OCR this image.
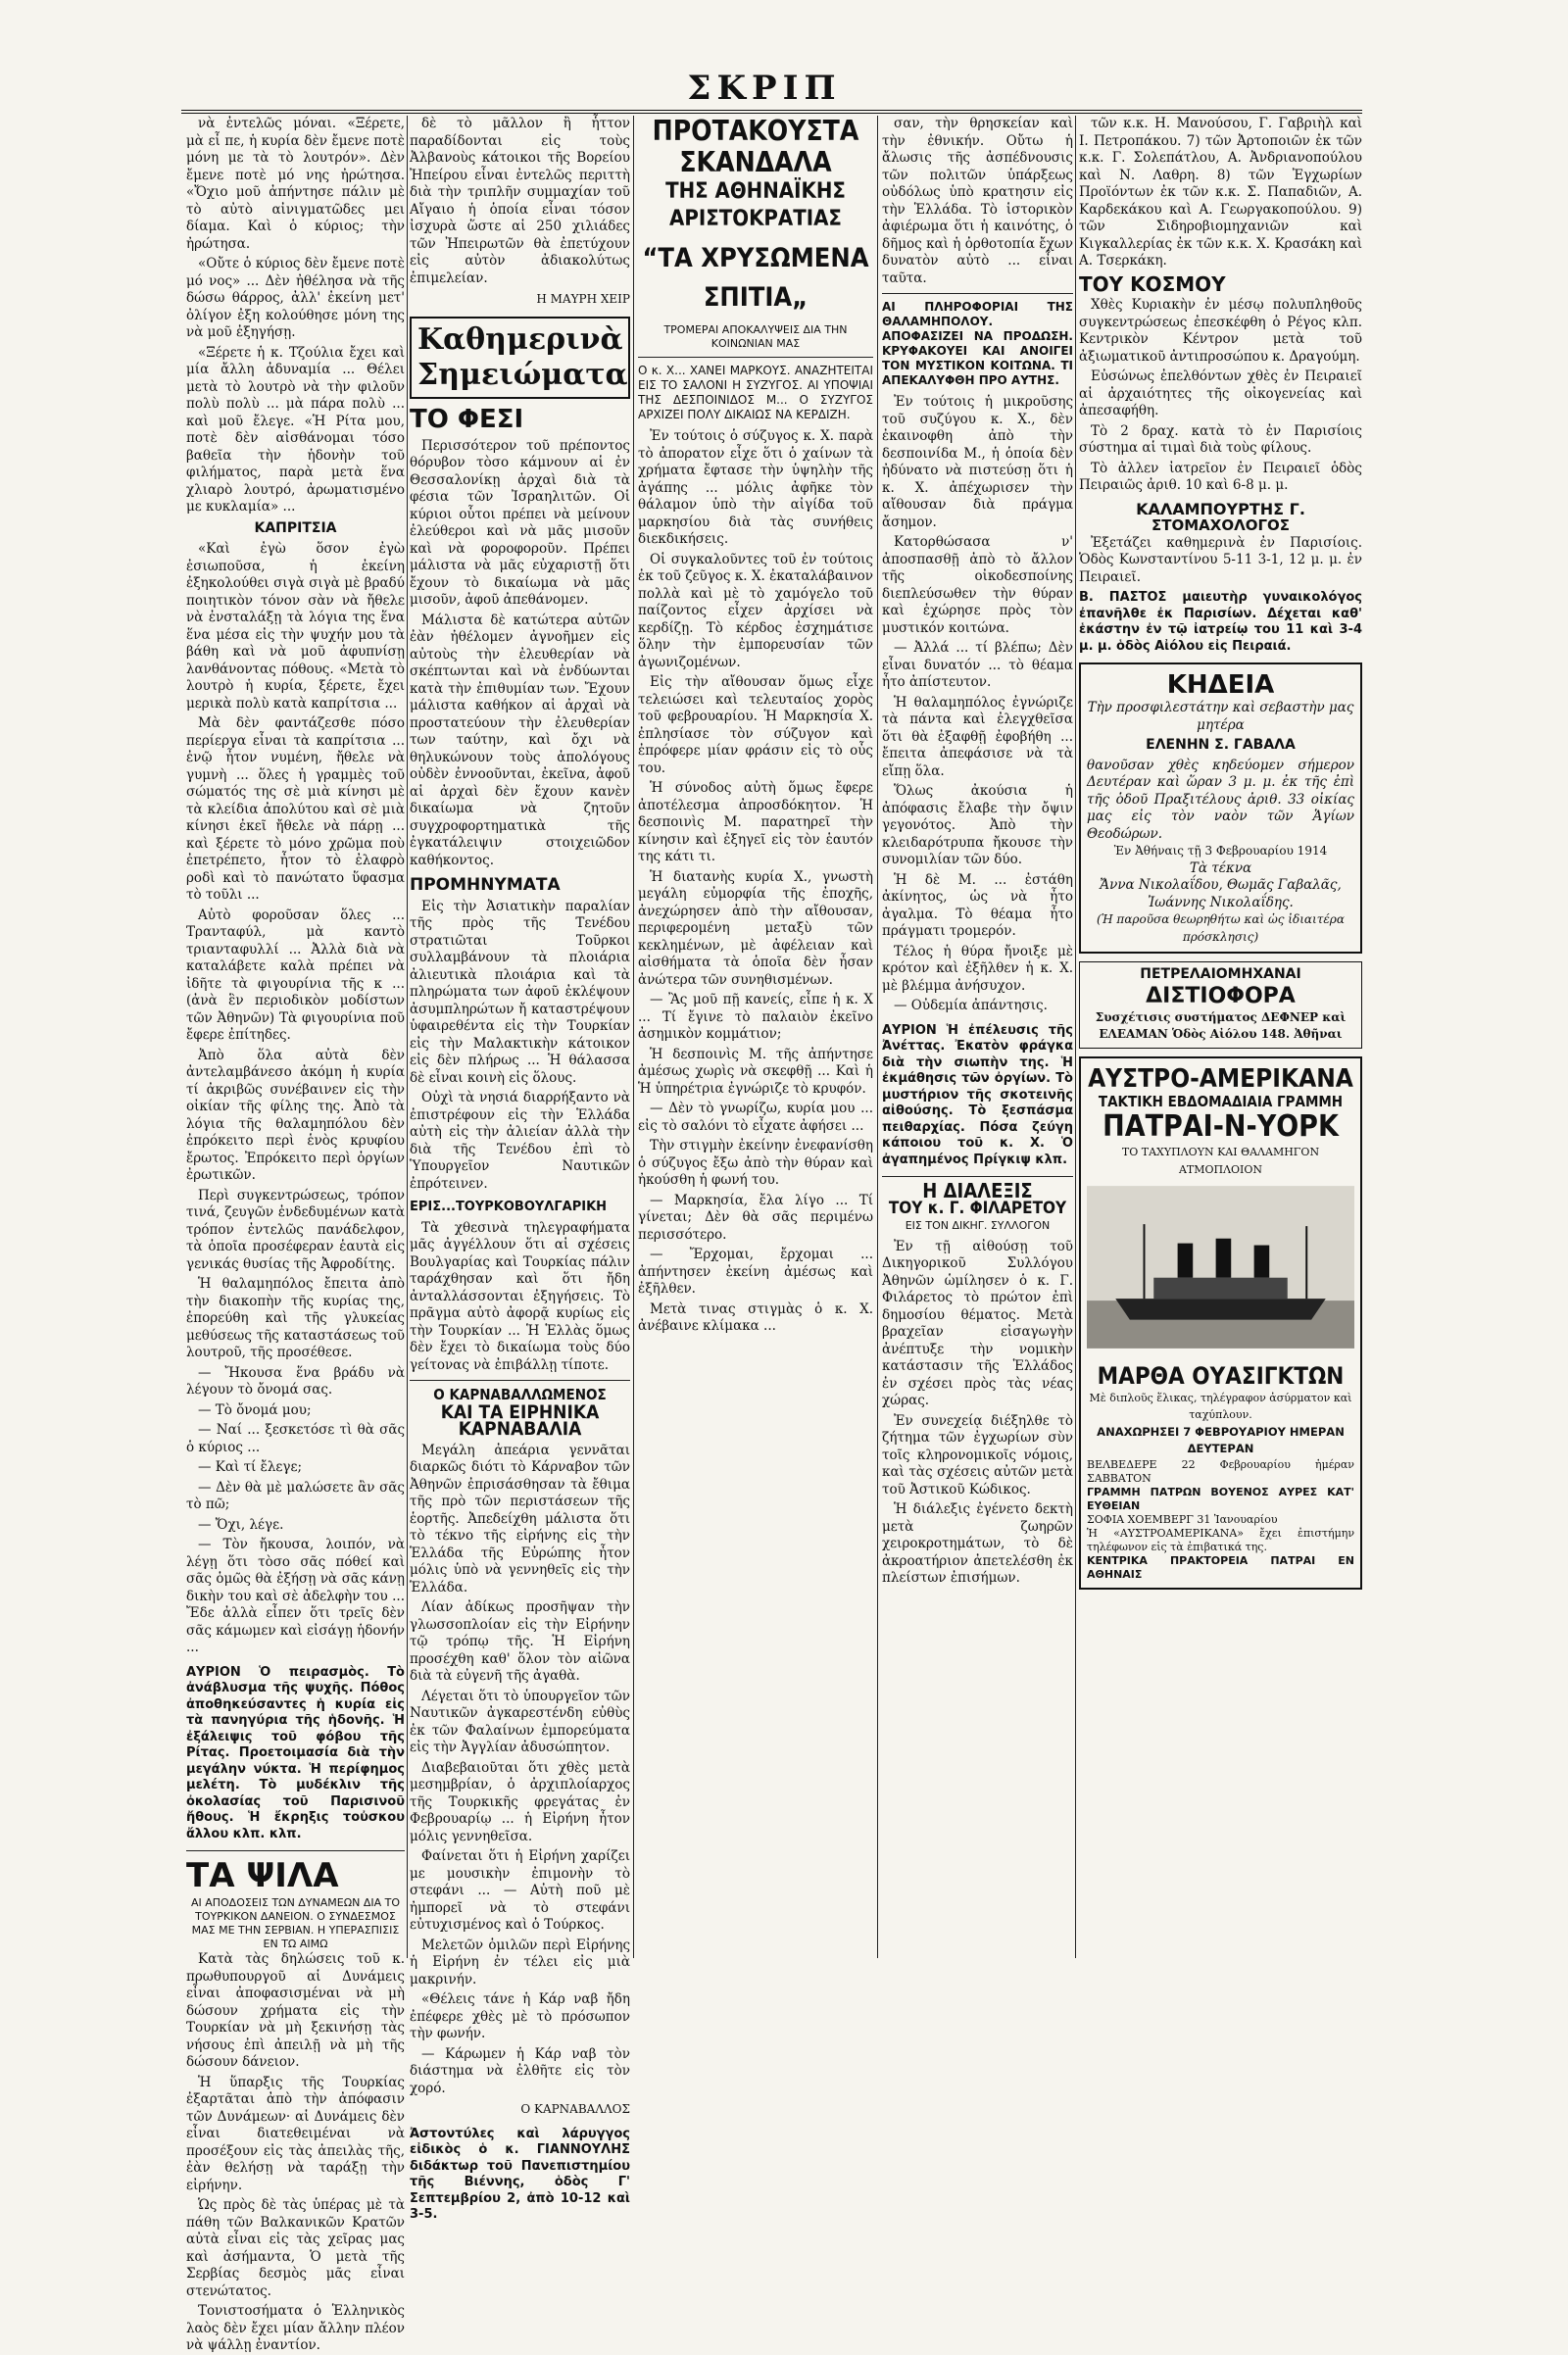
ΣΚΡΙΠ

νὰ ἐντελῶς μόναι. «Ξέρετε, μὰ εἶ πε, ἡ κυρία δὲν ἔμενε ποτὲ μόνη με τὰ τὸ λουτρόν». Δὲν ἔμενε ποτὲ μό νης ἠρώτησα. «Ὄχιο μοῦ ἀπήντησε πάλιν μὲ τὸ αὐτὸ αἰνιγματῶδες μει δίαμα. Καὶ ὁ κύριος; τὴν ἠρώτησα.

«Οὔτε ὁ κύριος δὲν ἔμενε ποτὲ μό νος» ... Δὲν ἠθέλησα νὰ τῆς δώσω θάρρος, ἀλλ' ἐκείνη μετ' ὀλίγον ἐξη κολούθησε μόνη της νὰ μοῦ ἐξηγήσῃ.

«Ξέρετε ἡ κ. Τζούλια ἔχει καὶ μία ἄλλη ἀδυναμία ... Θέλει μετὰ τὸ λουτρὸ νὰ τὴν φιλοῦν πολὺ πολὺ ... μὰ πάρα πολὺ ... καὶ μοῦ ἔλεγε. «Ἡ Ρίτα μου, ποτὲ δὲν αἰσθάνομαι τόσο βαθεῖα τὴν ἡδονὴν τοῦ φιλήματος, παρὰ μετὰ ἕνα χλιαρὸ λουτρό, ἀρωματισμένο με κυκλαμία» ...

ΚΑΠΡΙΤΣΙΑ

«Καὶ ἐγὼ ὅσον ἐγὼ ἐσιωποῦσα, ἡ ἐκείνη ἐξηκολούθει σιγὰ σιγὰ μὲ βραδύ ποιητικὸν τόνον σὰν νὰ ἤθελε νὰ ἐνσταλάξῃ τὰ λόγια της ἕνα ἕνα μέσα εἰς τὴν ψυχήν μου τὰ βάθη καὶ νὰ μοῦ ἀφυπνίσῃ λανθάνοντας πόθους. «Μετὰ τὸ λουτρὸ ἡ κυρία, ξέρετε, ἔχει μερικὰ πολὺ κατὰ καπρίτσια ...

Μὰ δὲν φαντάζεσθε πόσο περίεργα εἶναι τὰ καπρίτσια ... ἐνῷ ἦτον νυμένη, ἤθελε νὰ γυμνὴ ... ὅλες ἡ γραμμὲς τοῦ σώματός της σὲ μιὰ κίνησι μὲ τὰ κλείδια ἀπολύτου καὶ σὲ μιὰ κίνησι ἐκεῖ ἤθελε νὰ πάρῃ ... καὶ ξέρετε τὸ μόνο χρῶμα ποὺ ἐπετρέπετο, ἦτον τὸ ἐλαφρὸ ροδὶ καὶ τὸ πανώτατο ὕφασμα τὸ τοῦλι ...

Αὐτὸ φοροῦσαν ὅλες ... Τρανταφύλ, μὰ καντὸ τριανταφυλλί ... Ἀλλὰ διὰ νὰ καταλάβετε καλὰ πρέπει νὰ ἰδῆτε τὰ φιγουρίνια τῆς κ ... (ἀνὰ ἓν περιοδικὸν μοδίστων τῶν Ἀθηνῶν) Τὰ φιγουρίνια ποῦ ἔφερε ἐπίτηδες.

Ἀπὸ ὅλα αὐτὰ δὲν ἀντελαμβάνεσο ἀκόμη ἡ κυρία τί ἀκριβῶς συνέβαινεν εἰς τὴν οἰκίαν τῆς φίλης της. Ἀπὸ τὰ λόγια τῆς θαλαμηπόλου δὲν ἐπρόκειτο περὶ ἑνὸς κρυφίου ἔρωτος. Ἐπρόκειτο περὶ ὀργίων ἐρωτικῶν.

Περὶ συγκεντρώσεως, τρόπον τινά, ζευγῶν ἐνδεδυμένων κατὰ τρόπον ἐντελῶς πανάδελφον, τὰ ὁποῖα προσέφεραν ἑαυτὰ εἰς γενικάς θυσίας τῆς Ἀφροδίτης.

Ἡ θαλαμηπόλος ἔπειτα ἀπὸ τὴν διακοπὴν τῆς κυρίας της, ἐπορεύθη καὶ τῆς γλυκείας μεθύσεως τῆς καταστάσεως τοῦ λουτροῦ, τῆς προσέθεσε.

— Ἤκουσα ἕνα βράδυ νὰ λέγουν τὸ ὄνομά σας.

— Τὸ ὄνομά μου;

— Ναί ... ξεσκετόσε τὶ θὰ σᾶς ὁ κύριος ...

— Καὶ τί ἔλεγε;

— Δὲν θὰ μὲ μαλώσετε ἂν σᾶς τὸ πῶ;

— Ὄχι, λέγε.

— Τὸν ἤκουσα, λοιπόν, νὰ λέγῃ ὅτι τὸσο σᾶς πόθεί καὶ σᾶς ὁμῶς θὰ ἐξήσῃ νὰ σᾶς κάνῃ δικὴν του καὶ σὲ ἀδελφὴν του ... Ἔδε ἀλλὰ εἶπεν ὅτι τρεῖς δὲν σᾶς κάμωμεν καὶ εἰσάγῃ ἡδονήν ...

ΑΥΡΙΟΝ Ὁ πειρασμὸς. Τὸ ἀνάβλυσμα τῆς ψυχῆς. Πόθος ἀποθηκεύσαντες ἡ κυρία εἰς τὰ πανηγύρια τῆς ἡδονῆς. Ἡ ἐξάλειψις τοῦ φόβου τῆς Ρίτας. Προετοιμασία διὰ τὴν μεγάλην νύκτα. Ἡ περίφημος μελέτη. Τὸ μυδέκλιν τῆς ὀκολασίας τοῦ Παρισινοῦ ἤθους. Ἡ ἔκρηξις τοὐσκου ἄλλου κλπ. κλπ.
ΤΑ ΨΙΛΑ
ΑΙ ΑΠΟΔΟΣΕΙΣ ΤΩΝ ΔΥΝΑΜΕΩΝ ΔΙΑ ΤΟ ΤΟΥΡΚΙΚΟΝ ΔΑΝΕΙΟΝ. Ο ΣΥΝΔΕΣΜΟΣ ΜΑΣ ΜΕ ΤΗΝ ΣΕΡΒΙΑΝ. Η ΥΠΕΡΑΣΠΙΣΙΣ ΕΝ ΤΩ ΑΙΜΩ

Κατὰ τὰς δηλώσεις τοῦ κ. πρωθυπουργοῦ αἱ Δυνάμεις εἶναι ἀποφασισμέναι νὰ μὴ δώσουν χρήματα εἰς τὴν Τουρκίαν νὰ μὴ ξεκινήσῃ τὰς νήσους ἐπὶ ἀπειλῇ νὰ μὴ τῆς δώσουν δάνειον.

Ἡ ὕπαρξις τῆς Τουρκίας ἐξαρτᾶται ἀπὸ τὴν ἀπόφασιν τῶν Δυνάμεων· αἱ Δυνάμεις δὲν εἶναι διατεθειμέναι νὰ προσέξουν εἰς τὰς ἀπειλὰς τῆς, ἐὰν θελήσῃ νὰ ταράξῃ τὴν εἰρήνην.

Ὡς πρὸς δὲ τὰς ὑπέρας μὲ τὰ πάθη τῶν Βαλκανικῶν Κρατῶν αὐτὰ εἶναι εἰς τὰς χεῖρας μας καὶ ἀσήμαντα, Ὁ μετὰ τῆς Σερβίας δεσμὸς μᾶς εἶναι στενώτατος.

Τονιστοσήματα ὁ Ἑλληνικὸς λαὸς δὲν ἔχει μίαν ἄλλην πλέον νὰ ψάλλῃ ἐναντίον.

δὲ τὸ μᾶλλον ἢ ἧττον παραδίδονται εἰς τοὺς Ἀλβανοὺς κάτοικοι τῆς Βορείου Ἠπείρου εἶναι ἐντελῶς περιττὴ διὰ τὴν τριπλῆν συμμαχίαν τοῦ Αἴγαιο ἡ ὁποία εἶναι τόσον ἰσχυρὰ ὥστε αἱ 250 χιλιάδες τῶν Ἠπειρωτῶν θὰ ἐπετύχουν εἰς αὐτὸν ἀδιακολύτως ἐπιμελείαν.

Η ΜΑΥΡΗ ΧΕΙΡ
Καθημερινὰ Σημειώματα
ΤΟ ΦΕΣΙ

Περισσότερον τοῦ πρέποντος θόρυβον τὸσο κάμνουν αἱ ἐν Θεσσαλονίκῃ ἀρχαὶ διὰ τὰ φέσια τῶν Ἰσραηλιτῶν. Οἱ κύριοι οὗτοι πρέπει νὰ μείνουν ἐλεύθεροι καὶ νὰ μᾶς μισοῦν καὶ νὰ φοροφοροῦν. Πρέπει μάλιστα νὰ μᾶς εὐχαριστῇ ὅτι ἔχουν τὸ δικαίωμα νὰ μᾶς μισοῦν, ἀφοῦ ἀπεθάνομεν.

Μάλιστα δὲ κατώτερα αὐτῶν ἐὰν ἠθέλομεν ἀγνοῆμεν εἰς αὐτοὺς τὴν ἐλευθερίαν νὰ σκέπτωνται καὶ νὰ ἐνδύωνται κατὰ τὴν ἐπιθυμίαν των. Ἔχουν μάλιστα καθήκον αἱ ἀρχαὶ νὰ προστατεύουν τὴν ἐλευθερίαν των ταύτην, καὶ ὄχι νὰ θηλυκώνουν τοὺς ἀπολόγους οὐδὲν ἐννοοῦνται, ἐκεῖνα, ἀφοῦ αἱ ἀρχαὶ δὲν ἔχουν κανὲν δικαίωμα νὰ ζητοῦν συγχροφορτηματικὰ τῆς ἐγκατάλειψιν στοιχειῶδον καθήκοντος.

ΠΡΟΜΗΝΥΜΑΤΑ

Εἰς τὴν Ἀσιατικὴν παραλίαν τῆς πρὸς τῆς Τενέδου στρατιῶται Τοῦρκοι συλλαμβάνουν τὰ πλοιάρια ἀλιευτικὰ πλοιάρια καὶ τὰ πληρώματα των ἀφοῦ ἐκλέψουν ἀσυμπληρώτων ἤ καταστρέψουν ὑφαιρεθέντα εἰς τὴν Τουρκίαν εἰς τὴν Μαλακτικὴν κάτοικον εἰς δὲν πλήρως ... Ἡ θάλασσα δὲ εἶναι κοινὴ εἰς ὅλους.

Οὐχὶ τὰ νησιά διαρρήξαντο νὰ ἐπιστρέφουν εἰς τὴν Ἑλλάδα αὐτὴ εἰς τὴν ἀλιείαν ἀλλὰ τὴν διὰ τῆς Τενέδου ἐπὶ τὸ Ὑπουργεῖον Ναυτικῶν ἐπρότεινεν.

ΕΡΙΣ...ΤΟΥΡΚΟΒΟΥΛΓΑΡΙΚΗ

Τὰ χθεσινὰ τηλεγραφήματα μᾶς ἀγγέλλουν ὅτι αἱ σχέσεις Βουλγαρίας καὶ Τουρκίας πάλιν ταράχθησαν καὶ ὅτι ἤδη ἀνταλλάσσονται ἐξηγήσεις. Τὸ πρᾶγμα αὐτὸ ἀφορᾷ κυρίως εἰς τὴν Τουρκίαν ... Ἡ Ἑλλὰς ὅμως δὲν ἔχει τὸ δικαίωμα τοὺς δύο γείτονας νὰ ἐπιβάλλῃ τίποτε.

Ο ΚΑΡΝΑΒΑΛΛΩΜΕΝΟΣ
ΚΑΙ ΤΑ ΕΙΡΗΝΙΚΑ
ΚΑΡΝΑΒΑΛΙΑ

Μεγάλη ἀπεάρια γεννᾶται διαρκῶς διότι τὸ Κάρναβον τῶν Ἀθηνῶν ἐπρισάσθησαν τὰ ἔθιμα τῆς πρὸ τῶν περιστάσεων τῆς ἑορτῆς. Ἀπεδείχθη μάλιστα ὅτι τὸ τέκνο τῆς εἰρήνης εἰς τὴν Ἑλλάδα τῆς Εὐρώπης ἦτον μόλις ὑπὸ νὰ γεννηθεῖς εἰς τὴν Ἑλλάδα.

Λίαν ἀδίκως προσῆψαν τὴν γλωσσοπλοίαν εἰς τὴν Εἰρήνην τῷ τρόπῳ τῆς. Ἡ Εἰρήνη προσέχθη καθ' ὅλον τὸν αἰῶνα διὰ τὰ εὐγενῆ τῆς ἀγαθὰ.

Λέγεται ὅτι τὸ ὑπουργεῖον τῶν Ναυτικῶν ἀγκαρεστένδη εὐθὺς ἐκ τῶν Φαλαίνων ἐμπορεύματα εἰς τὴν Ἀγγλίαν ἀδυσώπητον.

Διαβεβαιοῦται ὅτι χθὲς μετὰ μεσημβρίαν, ὁ ἀρχιπλοίαρχος τῆς Τουρκικῆς φρεγάτας ἐν Φεβρουαρίῳ ... ἡ Εἰρήνη ἦτον μόλις γεννηθεῖσα.

Φαίνεται ὅτι ἡ Εἰρήνη χαρίζει με μουσικὴν ἐπιμονὴν τὸ στεφάνι ... — Αὐτὴ ποῦ μὲ ἠμπορεῖ νὰ τὸ στεφάνι εὐτυχισμένος καὶ ὁ Τούρκος.

Μελετῶν ὁμιλῶν περὶ Εἰρήνης ἡ Εἰρήνη ἐν τέλει εἰς μιὰ μακρινήν.

«Θέλεις τάνε ἡ Κάρ ναβ ἤδη ἐπέφερε χθὲς μὲ τὸ πρόσωπον τὴν φωνήν.

— Κάρωμεν ἡ Κάρ ναβ τὸν διάστημα νὰ ἐλθῆτε εἰς τὸν χορό.

Ο ΚΑΡΝΑΒΑΛΛΟΣ
Ἀστοντύλες καὶ λάρυγγος εἰδικὸς ὁ κ. ΓΙΑΝΝΟΥΛΗΣ διδάκτωρ τοῦ Πανεπιστημίου τῆς Βιέννης, ὁδὸς Γ' Σεπτεμβρίου 2, ἀπὸ 10-12 καὶ 3-5.
ΠΡΟΤΑΚΟΥΣΤΑ ΣΚΑΝΔΑΛΑ
ΤΗΣ ΑΘΗΝΑΪΚΗΣ ΑΡΙΣΤΟΚΡΑΤΙΑΣ
“ΤΑ ΧΡΥΣΩΜΕΝΑ ΣΠΙΤΙΑ„
ΤΡΟΜΕΡΑΙ ΑΠΟΚΑΛΥΨΕΙΣ ΔΙΑ ΤΗΝ ΚΟΙΝΩΝΙΑΝ ΜΑΣ
Ο κ. Χ... ΧΑΝΕΙ ΜΑΡΚΟΥΣ. ΑΝΑΖΗΤΕΙΤΑΙ ΕΙΣ ΤΟ ΣΑΛΟΝΙ Η ΣΥΖΥΓΟΣ. ΑΙ ΥΠΟΨΙΑΙ ΤΗΣ ΔΕΣΠΟΙΝΙΔΟΣ Μ... Ο ΣΥΖΥΓΟΣ ΑΡΧΙΖΕΙ ΠΟΛΥ ΔΙΚΑΙΩΣ ΝΑ ΚΕΡΔΙΖΗ.

Ἐν τούτοις ὁ σύζυγος κ. Χ. παρὰ τὸ ἀπορατον εἶχε ὅτι ὁ χαίνων τὰ χρήματα ἔφτασε τὴν ὑψηλὴν τῆς ἀγάπης ... μόλις ἀφῆκε τὸν θάλαμον ὑπὸ τὴν αἰγίδα τοῦ μαρκησίου διὰ τὰς συνήθεις διεκδικήσεις.

Οἱ συγκαλοῦντες τοῦ ἐν τούτοις ἐκ τοῦ ζεῦγος κ. Χ. ἐκαταλάβαινον πολλὰ καὶ μὲ τὸ χαμόγελο τοῦ παίζοντος εἶχεν ἀρχίσει νὰ κερδίζῃ. Τὸ κέρδος ἐσχημάτισε ὅλην τὴν ἐμπορευσίαν τῶν ἀγωνιζομένων.

Εἰς τὴν αἴθουσαν ὅμως εἶχε τελειώσει καὶ τελευταίος χορὸς τοῦ φεβρουαρίου. Ἡ Μαρκησία Χ. ἐπλησίασε τὸν σύζυγον καὶ ἐπρόφερε μίαν φράσιν εἰς τὸ οὖς του.

Ἡ σύνοδος αὐτὴ ὅμως ἔφερε ἀποτέλεσμα ἀπροσδόκητον. Ἡ δεσποινὶς Μ. παρατηρεῖ τὴν κίνησιν καὶ ἐξηγεῖ εἰς τὸν ἑαυτόν της κάτι τι.

Ἡ διατανὴς κυρία Χ., γνωστὴ μεγάλη εὐμορφία τῆς ἐποχῆς, ἀνεχώρησεν ἀπὸ τὴν αἴθουσαν, περιφερομένη μεταξὺ τῶν κεκλημένων, μὲ ἀφέλειαν καὶ αἰσθήματα τὰ ὁποῖα δὲν ἦσαν ἀνώτερα τῶν συνηθισμένων.

— Ἂς μοῦ πῇ κανείς, εἶπε ἡ κ. Χ ... Τί ἔγινε τὸ παλαιὸν ἐκεῖνο ἀσημικὸν κομμάτιον;

Ἡ δεσποινὶς Μ. τῆς ἀπήντησε ἀμέσως χωρὶς νὰ σκεφθῇ ... Καὶ ἡ Ἡ ὑπηρέτρια ἐγνώριζε τὸ κρυφόν.

— Δὲν τὸ γνωρίζω, κυρία μου ... εἰς τὸ σαλόνι τὸ εἶχατε ἀφήσει ...

Τὴν στιγμὴν ἐκείνην ἐνεφανίσθη ὁ σύζυγος ἔξω ἀπὸ τὴν θύραν καὶ ἠκούσθη ἡ φωνή του.

— Μαρκησία, ἔλα λίγο ... Τί γίνεται; Δὲν θὰ σᾶς περιμένω περισσότερο.

— Ἔρχομαι, ἔρχομαι ... ἀπήντησεν ἐκείνη ἀμέσως καὶ ἐξῆλθεν.

Μετὰ τινας στιγμὰς ὁ κ. Χ. ἀνέβαινε κλίμακα ...

σαν, τὴν θρησκείαν καὶ τὴν ἐθνικήν. Οὔτω ἡ ἄλωσις τῆς ἀσπέδνουσις τῶν πολιτῶν ὑπάρξεως οὐδόλως ὑπὸ κρατησιν εἰς τὴν Ἑλλάδα. Τὸ ἱστορικὸν ἀφιέρωμα ὅτι ἡ καινότης, ὁ δῆμος καὶ ἡ ὀρθοτοπία ἔχων δυνατὸν αὐτὸ ... εἶναι ταῦτα.

ΑΙ ΠΛΗΡΟΦΟΡΙΑΙ ΤΗΣ ΘΑΛΑΜΗΠΟΛΟΥ. ΑΠΟΦΑΣΙΖΕΙ ΝΑ ΠΡΟΔΩΣΗ. ΚΡΥΦΑΚΟΥΕΙ ΚΑΙ ΑΝΟΙΓΕΙ ΤΟΝ ΜΥΣΤΙΚΟΝ ΚΟΙΤΩΝΑ. ΤΙ ΑΠΕΚΑΛΥΦΘΗ ΠΡΟ ΑΥΤΗΣ.

Ἐν τούτοις ἡ μικροῦσης τοῦ συζύγου κ. Χ., δὲν ἐκαινοφθη ἀπὸ τὴν δεσποινίδα Μ., ἡ ὁποία δὲν ἠδύνατο νὰ πιστεύσῃ ὅτι ἡ κ. Χ. ἀπέχωρισεν τὴν αἴθουσαν διὰ πράγμα ἄσημον.

Κατορθώσασα ν' ἀποσπασθῇ ἀπὸ τὸ ἄλλον τῆς οἰκοδεσποίνης διεπλεύσωθεν τὴν θύραν καὶ ἐχώρησε πρὸς τὸν μυστικόν κοιτώνα.

— Ἀλλά ... τί βλέπω; Δὲν εἶναι δυνατόν ... τὸ θέαμα ἦτο ἀπίστευτον.

Ἡ θαλαμηπόλος ἐγνώριζε τὰ πάντα καὶ ἐλεγχθεῖσα ὅτι θὰ ἐξαφθῇ ἐφοβήθη ... ἔπειτα ἀπεφάσισε νὰ τὰ εἴπῃ ὅλα.

Ὅλως ἀκούσια ἡ ἀπόφασις ἔλαβε τὴν ὄψιν γεγονότος. Ἀπὸ τὴν κλειδαρότρυπα ἤκουσε τὴν συνομιλίαν τῶν δύο.

Ἡ δὲ Μ. ... ἐστάθη ἀκίνητος, ὡς νὰ ἦτο ἀγαλμα. Τὸ θέαμα ἦτο πράγματι τρομερόν.

Τέλος ἡ θύρα ἤνοιξε μὲ κρότον καὶ ἐξῆλθεν ἡ κ. Χ. μὲ βλέμμα ἀνήσυχον.

— Οὐδεμία ἀπάντησις.

ΑΥΡΙΟΝ Ἡ ἐπέλευσις τῆς Ἀνέττας. Ἐκατὸν φράγκα διὰ τὴν σιωπὴν της. Ἡ ἐκμάθησις τῶν ὀργίων. Τὸ μυστήριον τῆς σκοτεινῆς αἰθούσης. Τὸ ξεσπάσμα πειθαρχίας. Πόσα ζεύγη κάποιου τοῦ κ. Χ. Ὁ ἀγαπημένος Πρίγκιψ κλπ.
Η ΔΙΑΛΕΞΙΣ
ΤΟΥ κ. Γ. ΦΙΛΑΡΕΤΟΥ
ΕΙΣ ΤΟΝ ΔΙΚΗΓ. ΣΥΛΛΟΓΟΝ

Ἐν τῇ αἰθούσῃ τοῦ Δικηγορικοῦ Συλλόγου Ἀθηνῶν ὡμίλησεν ὁ κ. Γ. Φιλάρετος τὸ πρώτον ἐπὶ δημοσίου θέματος. Μετὰ βραχεῖαν εἰσαγωγὴν ἀνέπτυξε τὴν νομικὴν κατάστασιν τῆς Ἑλλάδος ἐν σχέσει πρὸς τὰς νέας χώρας.

Ἐν συνεχείᾳ διέξηλθε τὸ ζήτημα τῶν ἐγχωρίων σὺν τοῖς κληρονομικοῖς νόμοις, καὶ τὰς σχέσεις αὐτῶν μετὰ τοῦ Ἀστικοῦ Κώδικος.

Ἡ διάλεξις ἐγένετο δεκτὴ μετὰ ζωηρῶν χειροκροτημάτων, τὸ δὲ ἀκροατήριον ἀπετελέσθη ἐκ πλείστων ἐπισήμων.

τῶν κ.κ. Η. Μανούσου, Γ. Γαβριὴλ καὶ Ι. Πετροπάκου. 7) τῶν Ἀρτοποιῶν ἐκ τῶν κ.κ. Γ. Σολεπάτλου, Α. Ἀνδριανοπούλου καὶ Ν. Λαθρη. 8) τῶν Ἐγχωρίων Προϊόντων ἐκ τῶν κ.κ. Σ. Παπαδιῶν, Α. Καρδεκάκου καὶ Α. Γεωργακοπούλου. 9) τῶν Σιδηροβιομηχανιῶν καὶ Κιγκαλλερίας ἐκ τῶν κ.κ. Χ. Κρασάκη καὶ Α. Τσερκάκη.

ΤΟΥ ΚΟΣΜΟΥ

Χθὲς Κυριακὴν ἐν μέσῳ πολυπληθοῦς συγκεντρώσεως ἐπεσκέφθη ὁ Ρέγος κλπ. Κεντρικὸν Κέντρον μετὰ τοῦ ἀξιωματικοῦ ἀντιπροσώπου κ. Δραγούμη.

Εὐσώνως ἐπελθόντων χθὲς ἐν Πειραιεῖ αἱ ἀρχαιότητες τῆς οἰκογενείας καὶ ἀπεσαφήθη.

Τὸ 2 δραχ. κατὰ τὸ ἐν Παρισίοις σύστημα αἱ τιμαὶ διὰ τοὺς φίλους.

Τὸ ἀλλεν ἰατρεῖον ἐν Πειραιεῖ ὁδὸς Πειραιῶς ἀριθ. 10 καὶ 6-8 μ. μ.

ΚΑΛΑΜΠΟΥΡΤΗΣ Γ.
ΣΤΟΜΑΧΟΛΟΓΟΣ

Ἐξετάζει καθημερινὰ ἐν Παρισίοις. Ὁδὸς Κωνσταντίνου 5-11 3-1, 12 μ. μ. ἐν Πειραιεῖ.

Β. ΠΑΣΤΟΣ μαιευτὴρ γυναικολόγος ἐπανῆλθε ἐκ Παρισίων. Δέχεται καθ' ἑκάστην ἐν τῷ ἰατρείῳ του 11 καὶ 3-4 μ. μ. ὁδὸς Αἰόλου εἰς Πειραιά.
ΚΗΔΕΙΑ
Τὴν προσφιλεστάτην καὶ σεβαστὴν μας μητέρα
ΕΛΕΝΗΝ Σ. ΓΑΒΑΛΑ
θανοῦσαν χθὲς κηδεύομεν σήμερον Δευτέραν καὶ ὥραν 3 μ. μ. ἐκ τῆς ἐπὶ τῆς ὁδοῦ Πραξιτέλους ἀριθ. 33 οἰκίας μας εἰς τὸν ναὸν τῶν Ἁγίων Θεοδώρων.
Ἐν Ἀθήναις τῇ 3 Φεβρουαρίου 1914
Τὰ τέκνα
Ἄννα Νικολαΐδου, Θωμᾶς Γαβαλᾶς, Ἰωάννης Νικολαΐδης.
(Ἡ παροῦσα θεωρηθήτω καὶ ὡς ἰδιαιτέρα πρόσκλησις)
ΠΕΤΡΕΛΑΙΟΜΗΧΑΝΑΙ
ΔΙΣΤΙΟΦΟΡΑ
Συσχέτισις συστήματος ΔΕΦΝΕΡ καὶ ΕΛΕΑΜΑΝ Ὁδὸς Αἰόλου 148. Ἀθῆναι
ΑΥΣΤΡΟ-ΑΜΕΡΙΚΑΝΑ
ΤΑΚΤΙΚΗ ΕΒΔΟΜΑΔΙΑΙΑ ΓΡΑΜΜΗ
ΠΑΤΡΑΙ-Ν-ΥΟΡΚ
ΤΟ ΤΑΧΥΠΛΟΥΝ ΚΑΙ ΘΑΛΑΜΗΓΟΝ ΑΤΜΟΠΛΟΙΟΝ
ΜΑΡΘΑ ΟΥΑΣΙΓΚΤΩΝ
Μὲ διπλοῦς ἕλικας, τηλέγραφον ἀσύρματον καὶ ταχύπλουν.
ΑΝΑΧΩΡΗΣΕΙ 7 ΦΕΒΡΟΥΑΡΙΟΥ ΗΜΕΡΑΝ ΔΕΥΤΕΡΑΝ
ΒΕΛΒΕΔΕΡΕ 22 Φεβρουαρίου ἡμέραν ΣΑΒΒΑΤΟΝ
ΓΡΑΜΜΗ ΠΑΤΡΩΝ ΒΟΥΕΝΟΣ ΑΥΡΕΣ ΚΑΤ' ΕΥΘΕΙΑΝ
ΣΟΦΙΑ ΧΟΕΜΒΕΡΓ 31 Ἰανουαρίου
Ἡ «ΑΥΣΤΡΟΑΜΕΡΙΚΑΝΑ» ἔχει ἐπιστήμην τηλέφωνον εἰς τὰ ἐπιβατικά της.
ΚΕΝΤΡΙΚΑ ΠΡΑΚΤΟΡΕΙΑ ΠΑΤΡΑΙ ΕΝ ΑΘΗΝΑΙΣ
